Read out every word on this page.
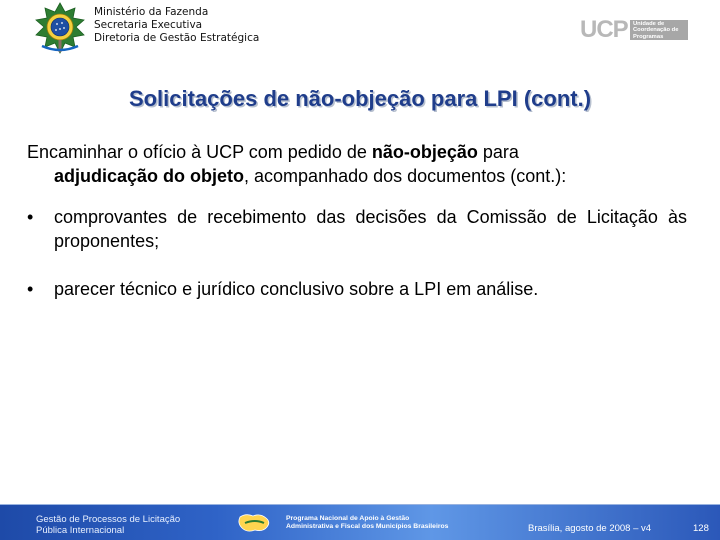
Ministério da Fazenda
Secretaria Executiva
Diretoria de Gestão Estratégica	UCP Unidade de
Coordenação de
Programas
Solicitações de não-objeção para LPI (cont.)

Encaminhar o ofício à UCP com pedido de não-objeção para
adjudicação do objeto, acompanhado dos documentos (cont.):

• comprovantes de recebimento das decisões da Comissão de Licitação às proponentes;
• parecer técnico e jurídico conclusivo sobre a LPI em análise.
Gestão de Processos de Licitação
Pública Internacional
Programa Nacional de Apoio à Gestão
Administrativa e Fiscal dos Municípios Brasileiros	Brasília, agosto de 2008 – v4	128
